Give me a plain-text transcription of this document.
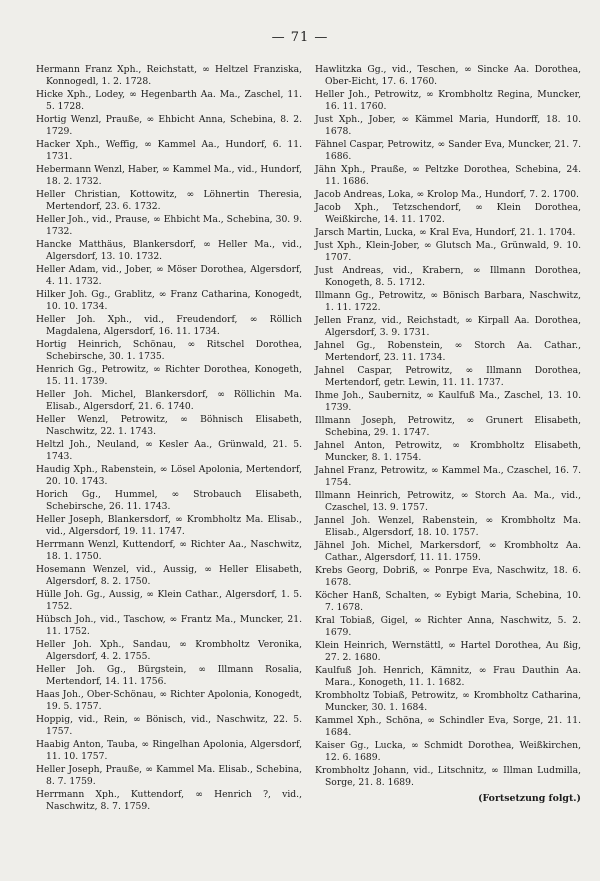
— 71 —

Hermann Franz Xph., Reichstatt, ∞ Heltzel Franziska, Konnogedl, 1. 2. 1728.

Hicke Xph., Lodey, ∞ Hegenbarth Aa. Ma., Zaschel, 11. 5. 1728.

Hortig Wenzl, Prauße, ∞ Ehbicht Anna, Schebina, 8. 2. 1729.

Hacker Xph., Weffig, ∞ Kammel Aa., Hundorf, 6. 11. 1731.

Hebermann Wenzl, Haber, ∞ Kammel Ma., vid., Hundorf, 18. 2. 1732.

Heller Christian, Kottowitz, ∞ Löhnertin Theresia, Mertendorf, 23. 6. 1732.

Heller Joh., vid., Prause, ∞ Ehbicht Ma., Schebina, 30. 9. 1732.

Hancke Matthäus, Blankersdorf, ∞ Heller Ma., vid., Algersdorf, 13. 10. 1732.

Heller Adam, vid., Jober, ∞ Möser Dorothea, Algersdorf, 4. 11. 1732.

Hilker Joh. Gg., Grablitz, ∞ Franz Catharina, Konogedt, 10. 10. 1734.

Heller Joh. Xph., vid., Freudendorf, ∞ Röllich Magdalena, Algersdorf, 16. 11. 1734.

Hortig Heinrich, Schönau, ∞ Ritschel Dorothea, Schebirsche, 30. 1. 1735.

Henrich Gg., Petrowitz, ∞ Richter Dorothea, Konogeth, 15. 11. 1739.

Heller Joh. Michel, Blankersdorf, ∞ Röllichin Ma. Elisab., Algersdorf, 21. 6. 1740.

Heller Wenzl, Petrowitz, ∞ Böhnisch Elisabeth, Naschwitz, 22. 1. 1743.

Heltzl Joh., Neuland, ∞ Kesler Aa., Grünwald, 21. 5. 1743.

Haudig Xph., Rabenstein, ∞ Lösel Apolonia, Mertendorf, 20. 10. 1743.

Horich Gg., Hummel, ∞ Strobauch Elisabeth, Schebirsche, 26. 11. 1743.

Heller Joseph, Blankersdorf, ∞ Krombholtz Ma. Elisab., vid., Algersdorf, 19. 11. 1747.

Herrmann Wenzl, Kuttendorf, ∞ Richter Aa., Naschwitz, 18. 1. 1750.

Hosemann Wenzel, vid., Aussig, ∞ Heller Elisabeth, Algersdorf, 8. 2. 1750.

Hülle Joh. Gg., Aussig, ∞ Klein Cathar., Algersdorf, 1. 5. 1752.

Hübsch Joh., vid., Taschow, ∞ Frantz Ma., Muncker, 21. 11. 1752.

Heller Joh. Xph., Sandau, ∞ Krombholtz Veronika, Algersdorf, 4. 2. 1755.

Heller Joh. Gg., Bürgstein, ∞ Illmann Rosalia, Mertendorf, 14. 11. 1756.

Haas Joh., Ober-Schönau, ∞ Richter Apolonia, Konogedt, 19. 5. 1757.

Hoppig, vid., Rein, ∞ Bönisch, vid., Naschwitz, 22. 5. 1757.

Haabig Anton, Tauba, ∞ Ringelhan Apolonia, Algersdorf, 11. 10. 1757.

Heller Joseph, Prauße, ∞ Kammel Ma. Elisab., Schebina, 8. 7. 1759.

Herrmann Xph., Kuttendorf, ∞ Henrich ?, vid., Naschwitz, 8. 7. 1759.

Hawlitzka Gg., vid., Teschen, ∞ Sincke Aa. Dorothea, Ober-Eicht, 17. 6. 1760.

Heller Joh., Petrowitz, ∞ Krombholtz Regina, Muncker, 16. 11. 1760.

Just Xph., Jober, ∞ Kämmel Maria, Hundorff, 18. 10. 1678.

Fähnel Caspar, Petrowitz, ∞ Sander Eva, Muncker, 21. 7. 1686.

Jähn Xph., Prauße, ∞ Peltzke Dorothea, Schebina, 24. 11. 1686.

Jacob Andreas, Loka, ∞ Krolop Ma., Hundorf, 7. 2. 1700.

Jacob Xph., Tetzschendorf, ∞ Klein Dorothea, Weißkirche, 14. 11. 1702.

Jarsch Martin, Lucka, ∞ Kral Eva, Hundorf, 21. 1. 1704.

Just Xph., Klein-Jober, ∞ Glutsch Ma., Grünwald, 9. 10. 1707.

Just Andreas, vid., Krabern, ∞ Illmann Dorothea, Konogeth, 8. 5. 1712.

Illmann Gg., Petrowitz, ∞ Bönisch Barbara, Naschwitz, 1. 11. 1722.

Jellen Franz, vid., Reichstadt, ∞ Kirpall Aa. Dorothea, Algersdorf, 3. 9. 1731.

Jahnel Gg., Robenstein, ∞ Storch Aa. Cathar., Mertendorf, 23. 11. 1734.

Jahnel Caspar, Petrowitz, ∞ Illmann Dorothea, Mertendorf, getr. Lewin, 11. 11. 1737.

Ihme Joh., Saubernitz, ∞ Kaulfuß Ma., Zaschel, 13. 10. 1739.

Illmann Joseph, Petrowitz, ∞ Grunert Elisabeth, Schebina, 29. 1. 1747.

Jahnel Anton, Petrowitz, ∞ Krombholtz Elisabeth, Muncker, 8. 1. 1754.

Jahnel Franz, Petrowitz, ∞ Kammel Ma., Czaschel, 16. 7. 1754.

Illmann Heinrich, Petrowitz, ∞ Storch Aa. Ma., vid., Czaschel, 13. 9. 1757.

Jannel Joh. Wenzel, Rabenstein, ∞ Krombholtz Ma. Elisab., Algersdorf, 18. 10. 1757.

Jähnel Joh. Michel, Markersdorf, ∞ Krombholtz Aa. Cathar., Algersdorf, 11. 11. 1759.

Krebs Georg, Dobriß, ∞ Ponrpe Eva, Naschwitz, 18. 6. 1678.

Köcher Hanß, Schalten, ∞ Eybigt Maria, Schebina, 10. 7. 1678.

Kral Tobiaß, Gigel, ∞ Richter Anna, Naschwitz, 5. 2. 1679.

Klein Heinrich, Wernstättl, ∞ Hartel Dorothea, Au ßig, 27. 2. 1680.

Kaulfuß Joh. Henrich, Kämnitz, ∞ Frau Dauthin Aa. Mara., Konogeth, 11. 1. 1682.

Krombholtz Tobiaß, Petrowitz, ∞ Krombholtz Catharina, Muncker, 30. 1. 1684.

Kammel Xph., Schöna, ∞ Schindler Eva, Sorge, 21. 11. 1684.

Kaiser Gg., Lucka, ∞ Schmidt Dorothea, Weißkirchen, 12. 6. 1689.

Krombholtz Johann, vid., Litschnitz, ∞ Illman Ludmilla, Sorge, 21. 8. 1689.

(Fortsetzung folgt.)
